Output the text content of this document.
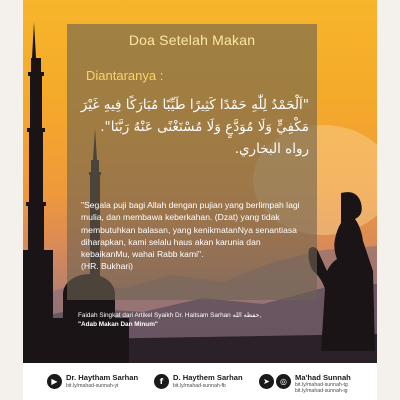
Doa Setelah Makan
Diantaranya :
"اَلْحَمْدُ لِلّٰهِ حَمْدًا كَثِيرًا طَيِّبًا مُبَارَكًا فِيهِ غَيْرَ مَكْفِيٍّ وَلَا مُوَدَّعٍ وَلَا مُسْتَغْنًى عَنْهُ رَبَّنَا". رواه البخاري.
"Segala puji bagi Allah dengan pujian yang berlimpah lagi mulia, dan membawa keberkahan. (Dzat) yang tidak membutuhkan balasan, yang kenikmatanNya senantiasa diharapkan, kami selalu haus akan karunia dan kebaikanMu, wahai Rabb kami".
(HR. Bukhari)
Faidah Singkat dari Artikel Syaikh Dr. Haitsam Sarhan حفظه الله,
"Adab Makan Dan Minum"
▶	Dr. Haytham Sarhan
bit.ly/mahad-sunnah-yt	f	D. Haythem Sarhan
bit.ly/mahad-sunnah-fb	➤	◎	Ma'had Sunnah
bit.ly/mahad-sunnah-tg
bit.ly/mahad-sunnah-ig
